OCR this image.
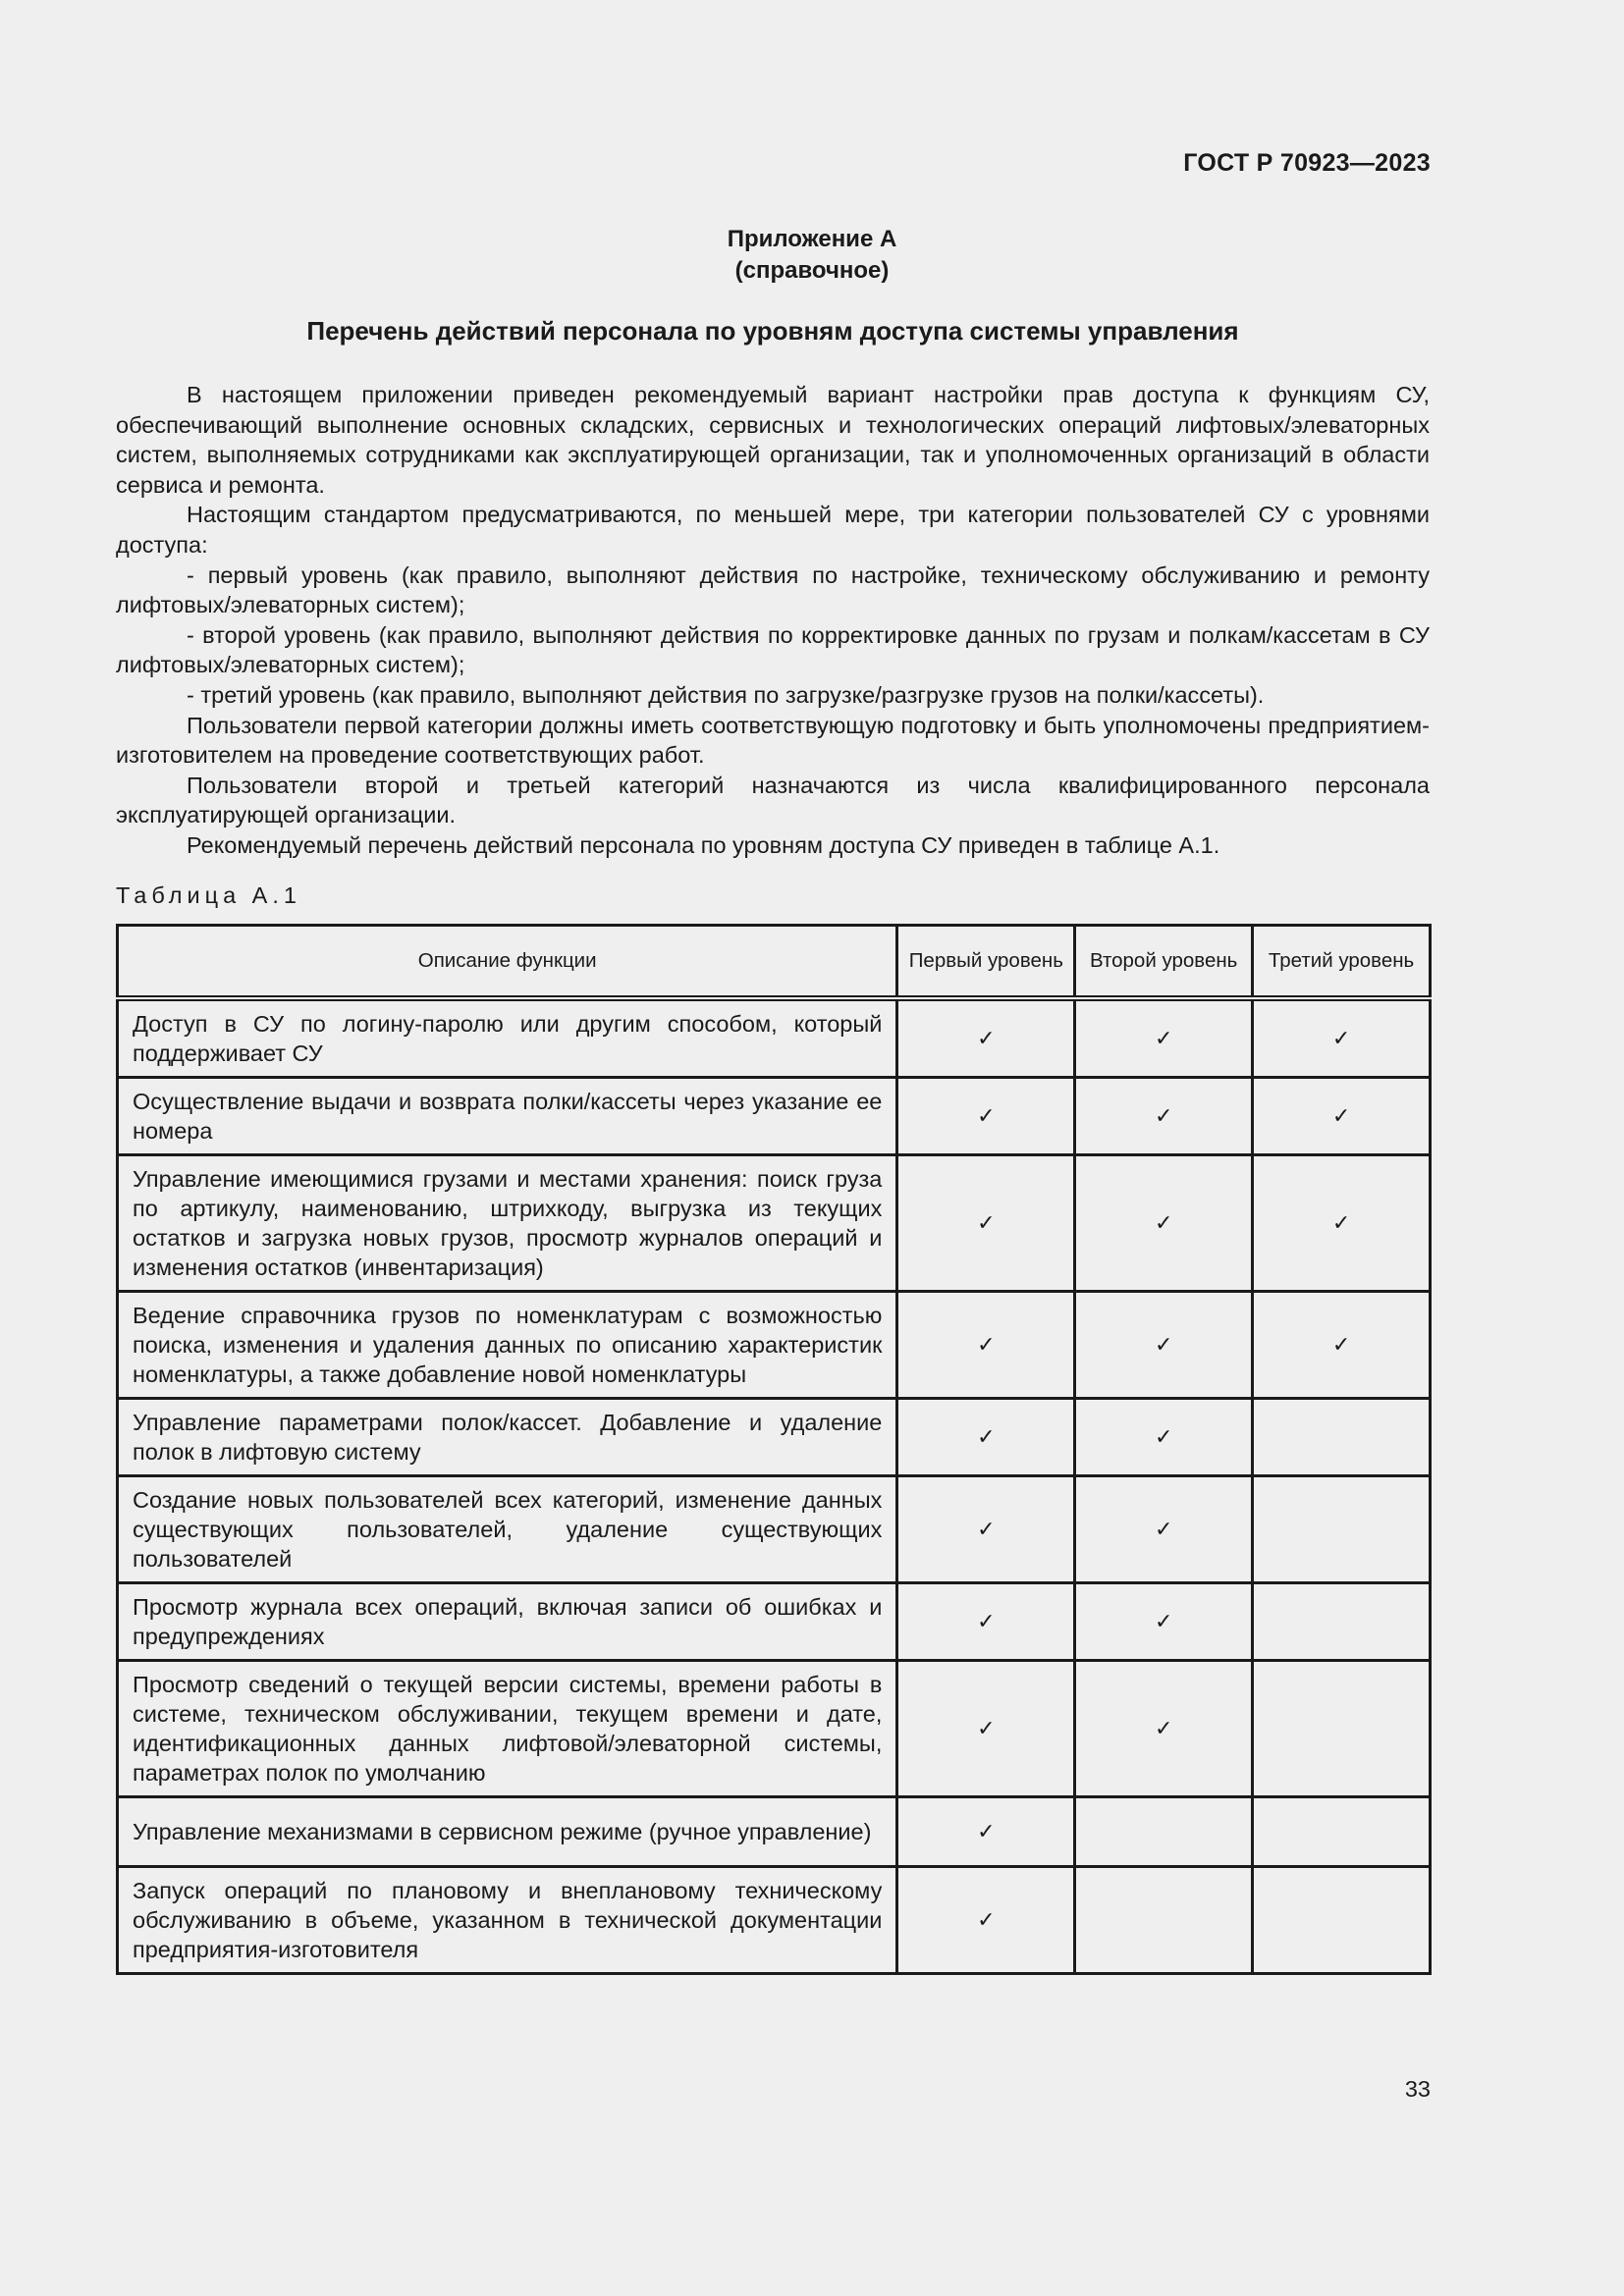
ГОСТ Р 70923—2023
Приложение А
(справочное)
Перечень действий персонала по уровням доступа системы управления

В настоящем приложении приведен рекомендуемый вариант настройки прав доступа к функциям СУ, обеспечивающий выполнение основных складских, сервисных и технологических операций лифтовых/элеваторных систем, выполняемых сотрудниками как эксплуатирующей организации, так и уполномоченных организаций в области сервиса и ремонта.

Настоящим стандартом предусматриваются, по меньшей мере, три категории пользователей СУ с уровнями доступа:

- первый уровень (как правило, выполняют действия по настройке, техническому обслуживанию и ремонту лифтовых/элеваторных систем);

- второй уровень (как правило, выполняют действия по корректировке данных по грузам и полкам/кассетам в СУ лифтовых/элеваторных систем);

- третий уровень (как правило, выполняют действия по загрузке/разгрузке грузов на полки/кассеты).

Пользователи первой категории должны иметь соответствующую подготовку и быть уполномочены предприятием-изготовителем на проведение соответствующих работ.

Пользователи второй и третьей категорий назначаются из числа квалифицированного персонала эксплуатирующей организации.

Рекомендуемый перечень действий персонала по уровням доступа СУ приведен в таблице А.1.

Таблица А.1
Описание функции	Первый уровень	Второй уровень	Третий уровень
Доступ в СУ по логину-паролю или другим способом, который поддерживает СУ	✓	✓	✓
Осуществление выдачи и возврата полки/кассеты через указание ее номера	✓	✓	✓
Управление имеющимися грузами и местами хранения: поиск груза по артикулу, наименованию, штрихкоду, выгрузка из текущих остатков и загрузка новых грузов, просмотр журналов операций и изменения остатков (инвентаризация)	✓	✓	✓
Ведение справочника грузов по номенклатурам с возможностью поиска, изменения и удаления данных по описанию характеристик номенклатуры, а также добавление новой номенклатуры	✓	✓	✓
Управление параметрами полок/кассет. Добавление и удаление полок в лифтовую систему	✓	✓	
Создание новых пользователей всех категорий, изменение данных существующих пользователей, удаление существующих пользователей	✓	✓	
Просмотр журнала всех операций, включая записи об ошибках и предупреждениях	✓	✓	
Просмотр сведений о текущей версии системы, времени работы в системе, техническом обслуживании, текущем времени и дате, идентификационных данных лифтовой/элеваторной системы, параметрах полок по умолчанию	✓	✓	
Управление механизмами в сервисном режиме (ручное управление)	✓		
Запуск операций по плановому и внеплановому техническому обслуживанию в объеме, указанном в технической документации предприятия-изготовителя	✓		
33
